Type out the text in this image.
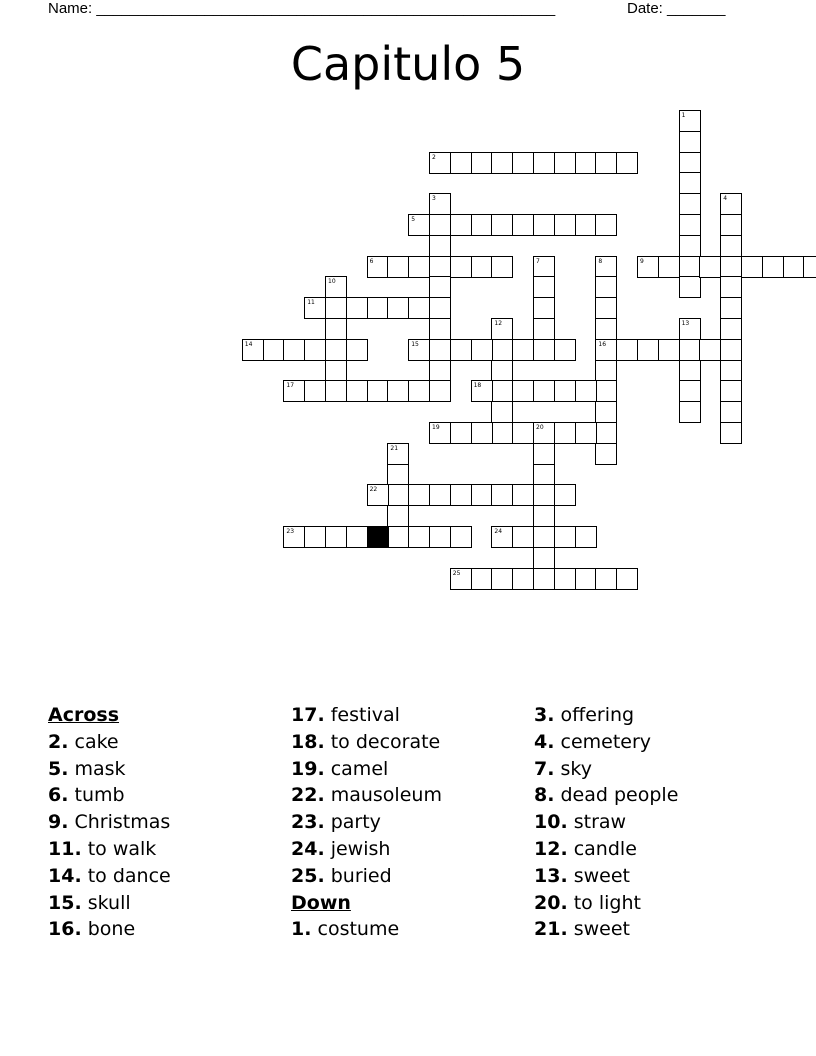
Name: _______________________________________________________	Date: _______
Capitulo 5
1
2
3	4
5
6	7	8
16
9
10
11
12	13
14	15
17	18
19	20
21
22
23	24
25
Across
2. cake
5. mask
6. tumb
9. Christmas
11. to walk
14. to dance
15. skull
16. bone
17. festival
18. to decorate
19. camel
22. mausoleum
23. party
24. jewish
25. buried
Down
1. costume
3. offering
4. cemetery
7. sky
8. dead people
10. straw
12. candle
13. sweet
20. to light
21. sweet
